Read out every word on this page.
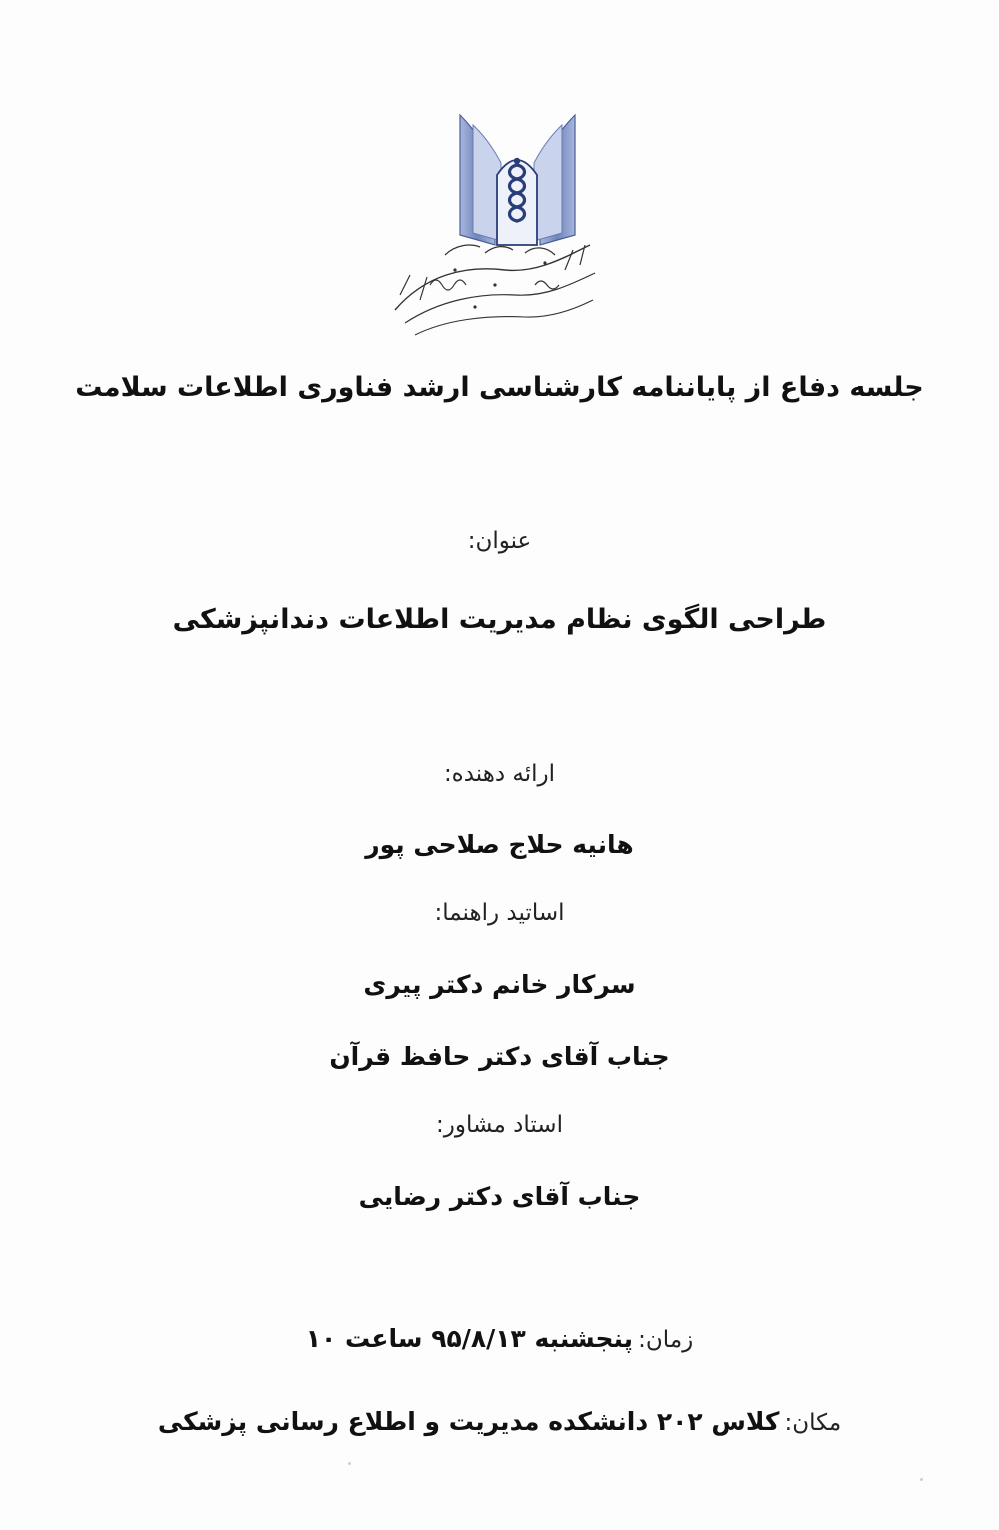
جلسه دفاع از پایاننامه کارشناسی ارشد فناوری اطلاعات سلامت
عنوان:
طراحی الگوی نظام مدیریت اطلاعات دندانپزشکی
ارائه دهنده:
هانیه حلاج صلاحی پور
اساتید راهنما:
سرکار خانم دکتر پیری
جناب آقای دکتر حافظ قرآن
استاد مشاور:
جناب آقای دکتر رضایی
زمان: پنجشنبه ۹۵/۸/۱۳ ساعت ۱۰
مکان: کلاس ۲۰۲ دانشکده مدیریت و اطلاع رسانی پزشکی
